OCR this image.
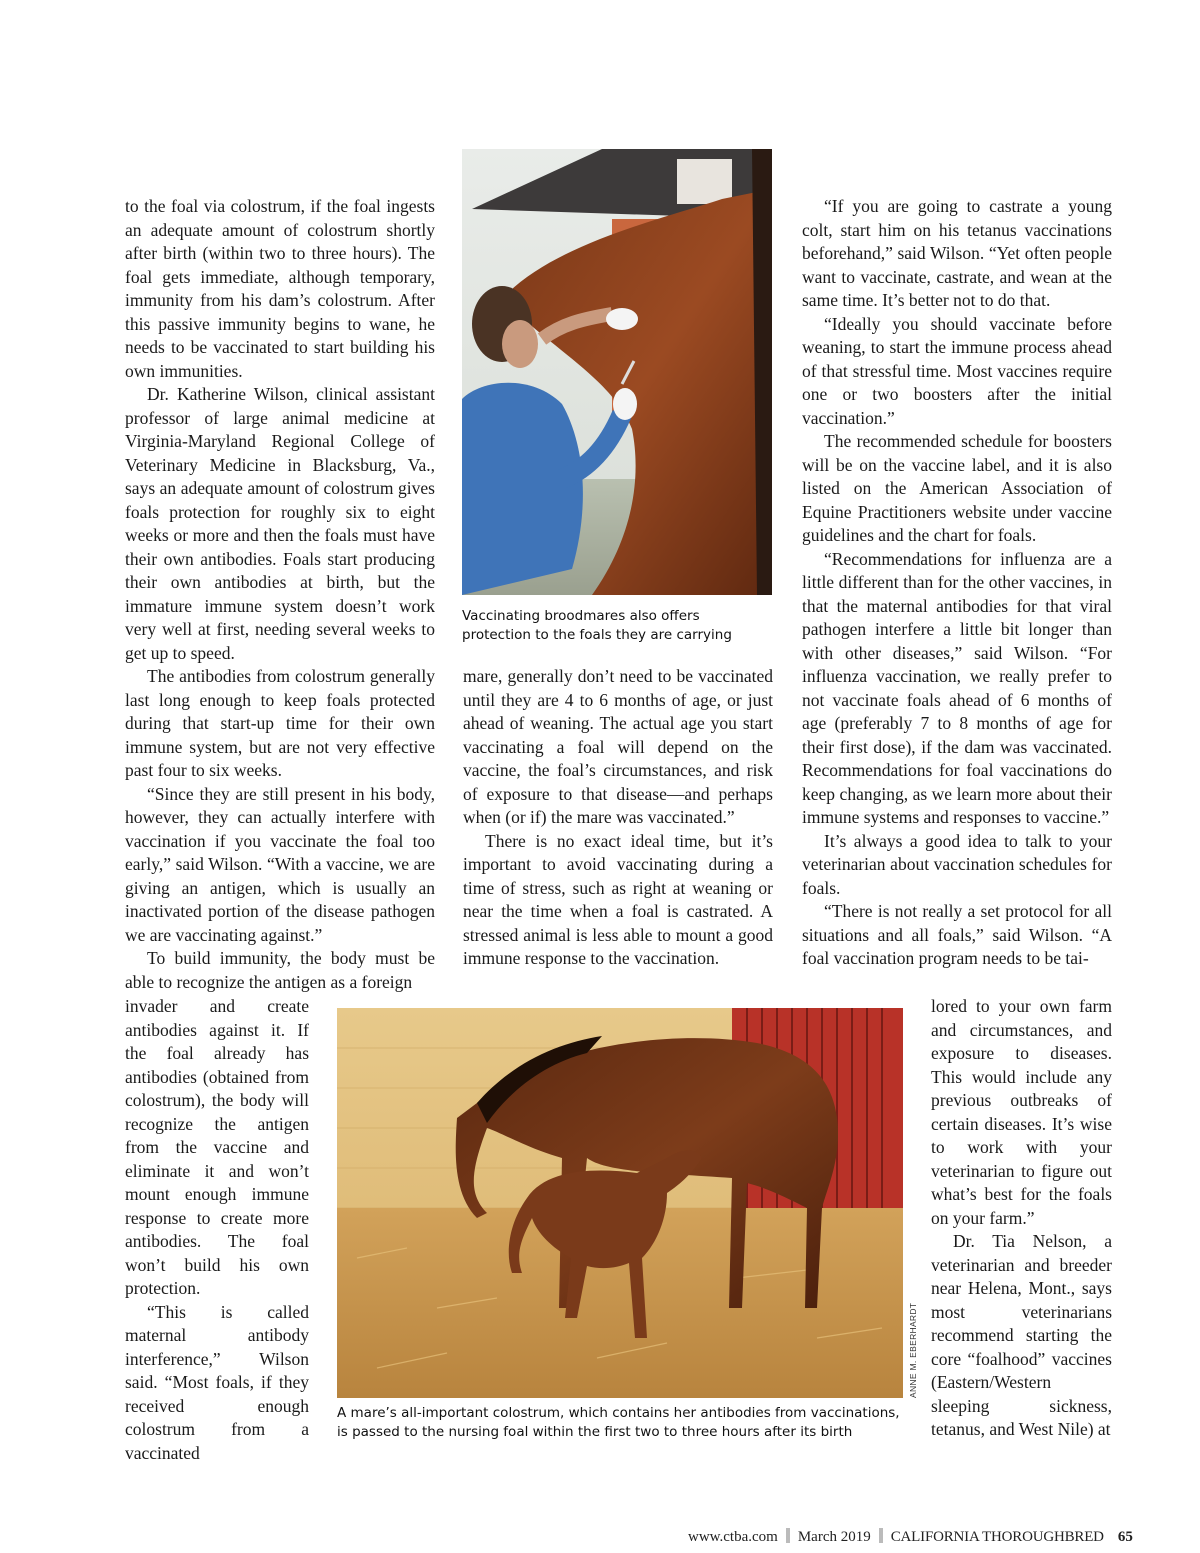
to the foal via colostrum, if the foal ingests an adequate amount of colostrum shortly after birth (within two to three hours). The foal gets immediate, although temporary, immunity from his dam’s colostrum. After this passive immunity begins to wane, he needs to be vaccinated to start building his own immunities.

Dr. Katherine Wilson, clinical assistant professor of large animal medicine at Virginia-Maryland Regional College of Veterinary Medicine in Blacksburg, Va., says an adequate amount of colostrum gives foals protection for roughly six to eight weeks or more and then the foals must have their own antibodies. Foals start producing their own antibodies at birth, but the immature immune system doesn’t work very well at first, needing several weeks to get up to speed.

The antibodies from colostrum generally last long enough to keep foals protected during that start-up time for their own immune system, but are not very effective past four to six weeks.

“Since they are still present in his body, however, they can actually interfere with vaccination if you vaccinate the foal too early,” said Wilson. “With a vaccine, we are giving an antigen, which is usually an inactivated portion of the disease pathogen we are vaccinating against.”

To build immunity, the body must be able to recognize the antigen as a foreign

invader and create antibodies against it. If the foal already has antibodies (obtained from colostrum), the body will recognize the antigen from the vaccine and eliminate it and won’t mount enough immune response to create more antibodies. The foal won’t build his own protection.

“This is called maternal antibody interference,” Wilson said. “Most foals, if they received enough colostrum from a vaccinated

Vaccinating broodmares also offers protection to the foals they are carrying

mare, generally don’t need to be vaccinated until they are 4 to 6 months of age, or just ahead of weaning. The actual age you start vaccinating a foal will depend on the vaccine, the foal’s circumstances, and risk of exposure to that disease—and perhaps when (or if) the mare was vaccinated.”

There is no exact ideal time, but it’s important to avoid vaccinating during a time of stress, such as right at weaning or near the time when a foal is castrated. A stressed animal is less able to mount a good immune response to the vaccination.

“If you are going to castrate a young colt, start him on his tetanus vaccinations beforehand,” said Wilson. “Yet often people want to vaccinate, castrate, and wean at the same time. It’s better not to do that.

“Ideally you should vaccinate before weaning, to start the immune process ahead of that stressful time. Most vaccines require one or two boosters after the initial vaccination.”

The recommended schedule for boosters will be on the vaccine label, and it is also listed on the American Association of Equine Practitioners website under vaccine guidelines and the chart for foals.

“Recommendations for influenza are a little different than for the other vaccines, in that the maternal antibodies for that viral pathogen interfere a little bit longer than with other diseases,” said Wilson. “For influenza vaccination, we really prefer to not vaccinate foals ahead of 6 months of age (preferably 7 to 8 months of age for their first dose), if the dam was vaccinated. Recommendations for foal vaccinations do keep changing, as we learn more about their immune systems and responses to vaccine.”

It’s always a good idea to talk to your veterinarian about vaccination schedules for foals.

“There is not really a set protocol for all situations and all foals,” said Wilson. “A foal vaccination program needs to be tai-

lored to your own farm and circumstances, and exposure to diseases. This would include any previous outbreaks of certain diseases. It’s wise to work with your veterinarian to figure out what’s best for the foals on your farm.”

Dr. Tia Nelson, a veterinarian and breeder near Helena, Mont., says most veterinarians recommend starting the core “foalhood” vaccines (Eastern/Western sleeping sickness, tetanus, and West Nile) at

ANNE M. EBERHARDT
A mare’s all-important colostrum, which contains her antibodies from vaccinations, is passed to the nursing foal within the first two to three hours after its birth
www.ctba.com March 2019 CALIFORNIA THOROUGHBRED 65
